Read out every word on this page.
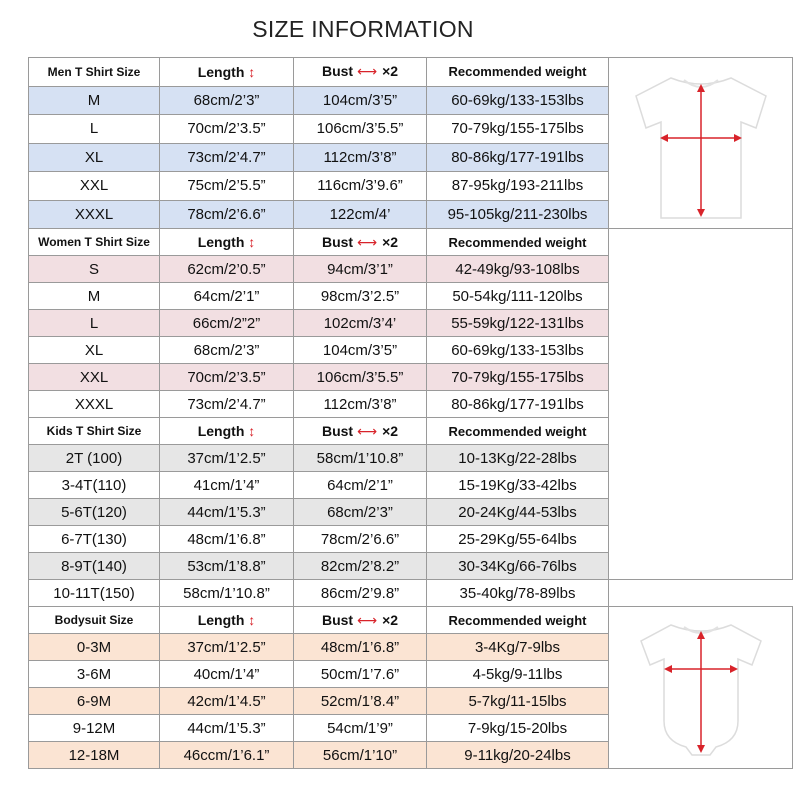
SIZE INFORMATION
Men T Shirt Size	Length ↕	Bust ⟷ ×2	Recommended weight	

M	68cm/2’3”	104cm/3’5”	60-69kg/133-153lbs	
L	70cm/2’3.5”	106cm/3’5.5”	70-79kg/155-175lbs	
XL	73cm/2’4.7”	112cm/3’8”	80-86kg/177-191lbs	
XXL	75cm/2’5.5”	116cm/3’9.6”	87-95kg/193-211lbs	
XXXL	78cm/2’6.6”	122cm/4’	95-105kg/211-230lbs	
Women T Shirt Size	Length ↕	Bust ⟷ ×2	Recommended weight	
S	62cm/2’0.5”	94cm/3’1”	42-49kg/93-108lbs	
M	64cm/2’1”	98cm/3’2.5”	50-54kg/111-120lbs	
L	66cm/2”2”	102cm/3’4’	55-59kg/122-131lbs	
XL	68cm/2’3”	104cm/3’5”	60-69kg/133-153lbs	
XXL	70cm/2’3.5”	106cm/3’5.5”	70-79kg/155-175lbs	
XXXL	73cm/2’4.7”	112cm/3’8”	80-86kg/177-191lbs	
Kids T Shirt Size	Length ↕	Bust ⟷ ×2	Recommended weight	
2T (100)	37cm/1’2.5”	58cm/1’10.8”	10-13Kg/22-28lbs	
3-4T(110)	41cm/1’4”	64cm/2’1”	15-19Kg/33-42lbs	
5-6T(120)	44cm/1’5.3”	68cm/2’3”	20-24Kg/44-53lbs	
6-7T(130)	48cm/1’6.8”	78cm/2’6.6”	25-29Kg/55-64lbs	
8-9T(140)	53cm/1’8.8”	82cm/2’8.2”	30-34Kg/66-76lbs	
10-11T(150)	58cm/1’10.8”	86cm/2’9.8”	35-40kg/78-89lbs	
Bodysuit Size	Length ↕	Bust ⟷ ×2	Recommended weight	

0-3M	37cm/1’2.5”	48cm/1’6.8”	3-4Kg/7-9lbs	
3-6M	40cm/1’4”	50cm/1’7.6”	4-5kg/9-11lbs	
6-9M	42cm/1’4.5”	52cm/1’8.4”	5-7kg/11-15lbs	
9-12M	44cm/1’5.3”	54cm/1’9”	7-9kg/15-20lbs	
12-18M	46ccm/1’6.1”	56cm/1’10”	9-11kg/20-24lbs	
